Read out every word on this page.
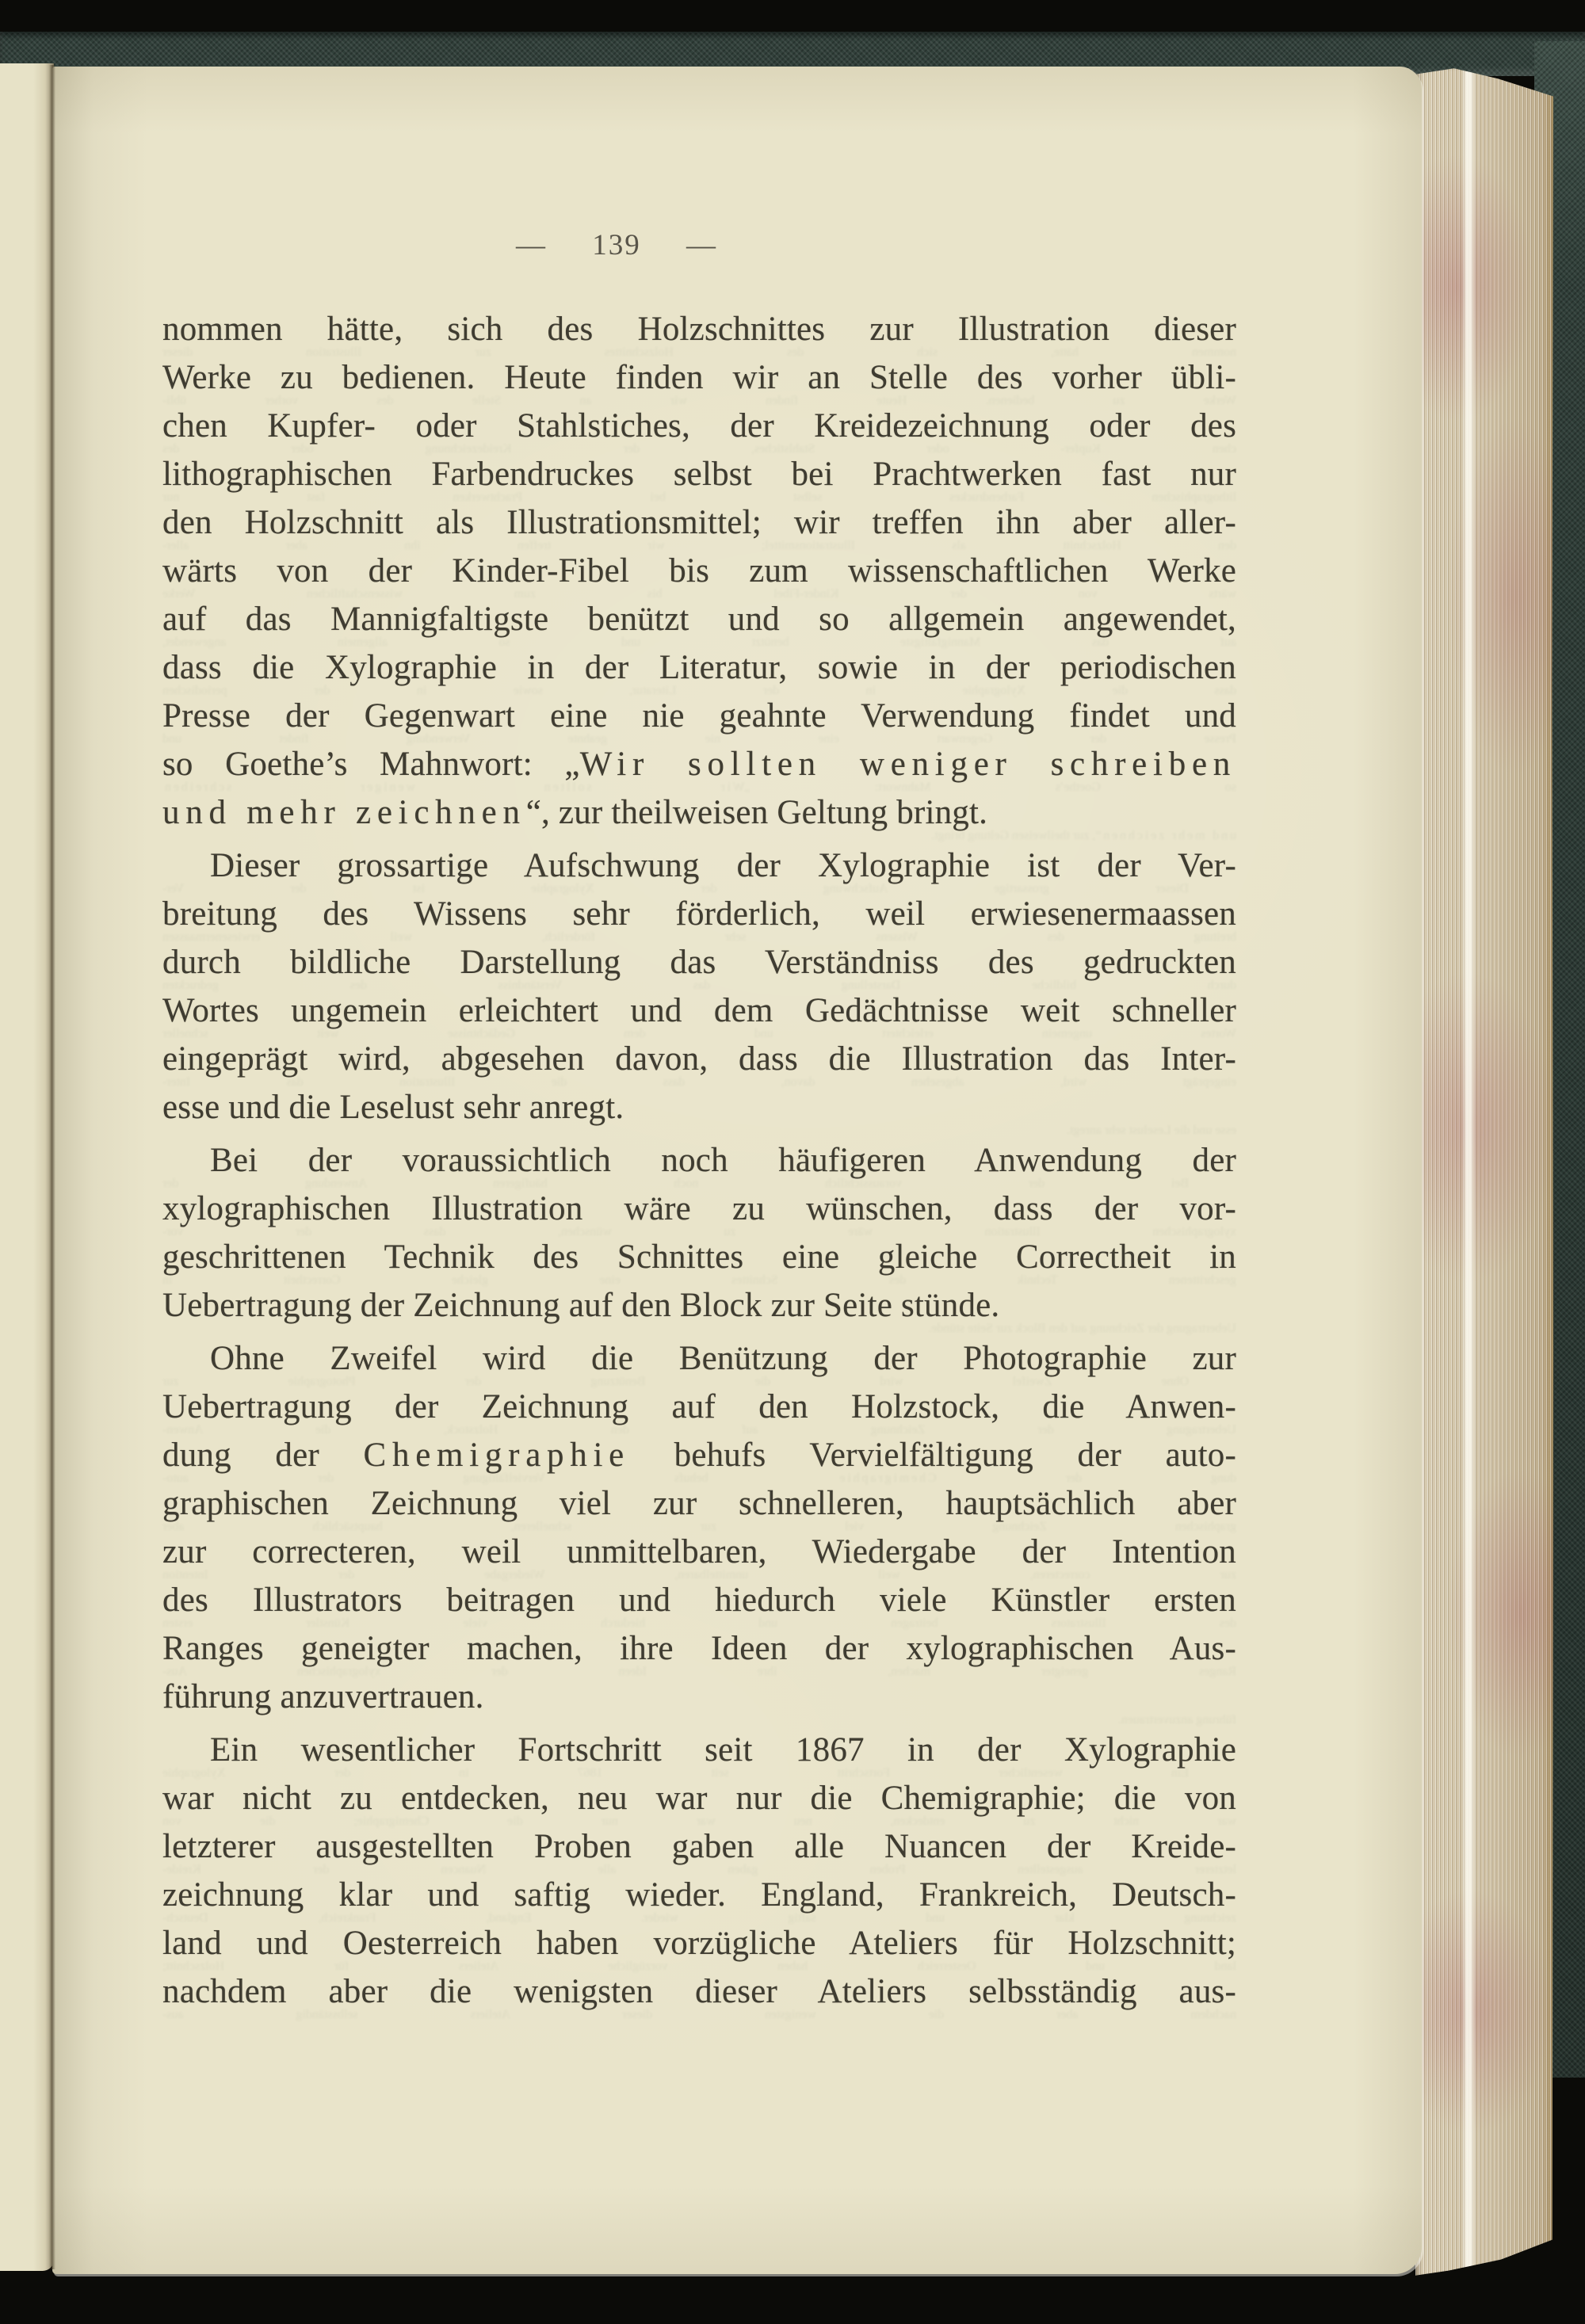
nommen hätte, sich des Holzschnittes zur Illustration dieser
Werke zu bedienen. Heute finden wir an Stelle des vorher übli-
chen Kupfer- oder Stahlstiches, der Kreidezeichnung oder des
lithographischen Farbendruckes selbst bei Prachtwerken fast nur
den Holzschnitt als Illustrationsmittel; wir treffen ihn aber aller-
wärts von der Kinder-Fibel bis zum wissenschaftlichen Werke
auf das Mannigfaltigste benützt und so allgemein angewendet,
dass die Xylographie in der Literatur, sowie in der periodischen
Presse der Gegenwart eine nie geahnte Verwendung findet und
so Goethe’s Mahnwort: „Wir sollten weniger schreiben
und mehr zeichnen“, zur theilweisen Geltung bringt.
Dieser grossartige Aufschwung der Xylographie ist der Ver-
breitung des Wissens sehr förderlich, weil erwiesenermaassen
durch bildliche Darstellung das Verständniss des gedruckten
Wortes ungemein erleichtert und dem Gedächtnisse weit schneller
eingeprägt wird, abgesehen davon, dass die Illustration das Inter-
esse und die Leselust sehr anregt.
Bei der voraussichtlich noch häufigeren Anwendung der
xylographischen Illustration wäre zu wünschen, dass der vor-
geschrittenen Technik des Schnittes eine gleiche Correctheit in
Uebertragung der Zeichnung auf den Block zur Seite stünde.
Ohne Zweifel wird die Benützung der Photographie zur
Uebertragung der Zeichnung auf den Holzstock, die Anwen-
dung der Chemigraphie behufs Vervielfältigung der auto-
graphischen Zeichnung viel zur schnelleren, hauptsächlich aber
zur correcteren, weil unmittelbaren, Wiedergabe der Intention
des Illustrators beitragen und hiedurch viele Künstler ersten
Ranges geneigter machen, ihre Ideen der xylographischen Aus-
führung anzuvertrauen.
Ein wesentlicher Fortschritt seit 1867 in der Xylographie
war nicht zu entdecken, neu war nur die Chemigraphie; die von
letzterer ausgestellten Proben gaben alle Nuancen der Kreide-
zeichnung klar und saftig wieder. England, Frankreich, Deutsch-
land und Oesterreich haben vorzügliche Ateliers für Holzschnitt;
nachdem aber die wenigsten dieser Ateliers selbsständig aus-
— 139 —
nommen hätte, sich des Holzschnittes zur Illustration dieser
Werke zu bedienen. Heute finden wir an Stelle des vorher übli-
chen Kupfer- oder Stahlstiches, der Kreidezeichnung oder des
lithographischen Farbendruckes selbst bei Prachtwerken fast nur
den Holzschnitt als Illustrationsmittel; wir treffen ihn aber aller-
wärts von der Kinder-Fibel bis zum wissenschaftlichen Werke
auf das Mannigfaltigste benützt und so allgemein angewendet,
dass die Xylographie in der Literatur, sowie in der periodischen
Presse der Gegenwart eine nie geahnte Verwendung findet und
so Goethe’s Mahnwort: „Wir sollten weniger schreiben
und mehr zeichnen“, zur theilweisen Geltung bringt.
Dieser grossartige Aufschwung der Xylographie ist der Ver-
breitung des Wissens sehr förderlich, weil erwiesenermaassen
durch bildliche Darstellung das Verständniss des gedruckten
Wortes ungemein erleichtert und dem Gedächtnisse weit schneller
eingeprägt wird, abgesehen davon, dass die Illustration das Inter-
esse und die Leselust sehr anregt.
Bei der voraussichtlich noch häufigeren Anwendung der
xylographischen Illustration wäre zu wünschen, dass der vor-
geschrittenen Technik des Schnittes eine gleiche Correctheit in
Uebertragung der Zeichnung auf den Block zur Seite stünde.
Ohne Zweifel wird die Benützung der Photographie zur
Uebertragung der Zeichnung auf den Holzstock, die Anwen-
dung der Chemigraphie behufs Vervielfältigung der auto-
graphischen Zeichnung viel zur schnelleren, hauptsächlich aber
zur correcteren, weil unmittelbaren, Wiedergabe der Intention
des Illustrators beitragen und hiedurch viele Künstler ersten
Ranges geneigter machen, ihre Ideen der xylographischen Aus-
führung anzuvertrauen.
Ein wesentlicher Fortschritt seit 1867 in der Xylographie
war nicht zu entdecken, neu war nur die Chemigraphie; die von
letzterer ausgestellten Proben gaben alle Nuancen der Kreide-
zeichnung klar und saftig wieder. England, Frankreich, Deutsch-
land und Oesterreich haben vorzügliche Ateliers für Holzschnitt;
nachdem aber die wenigsten dieser Ateliers selbsständig aus-
